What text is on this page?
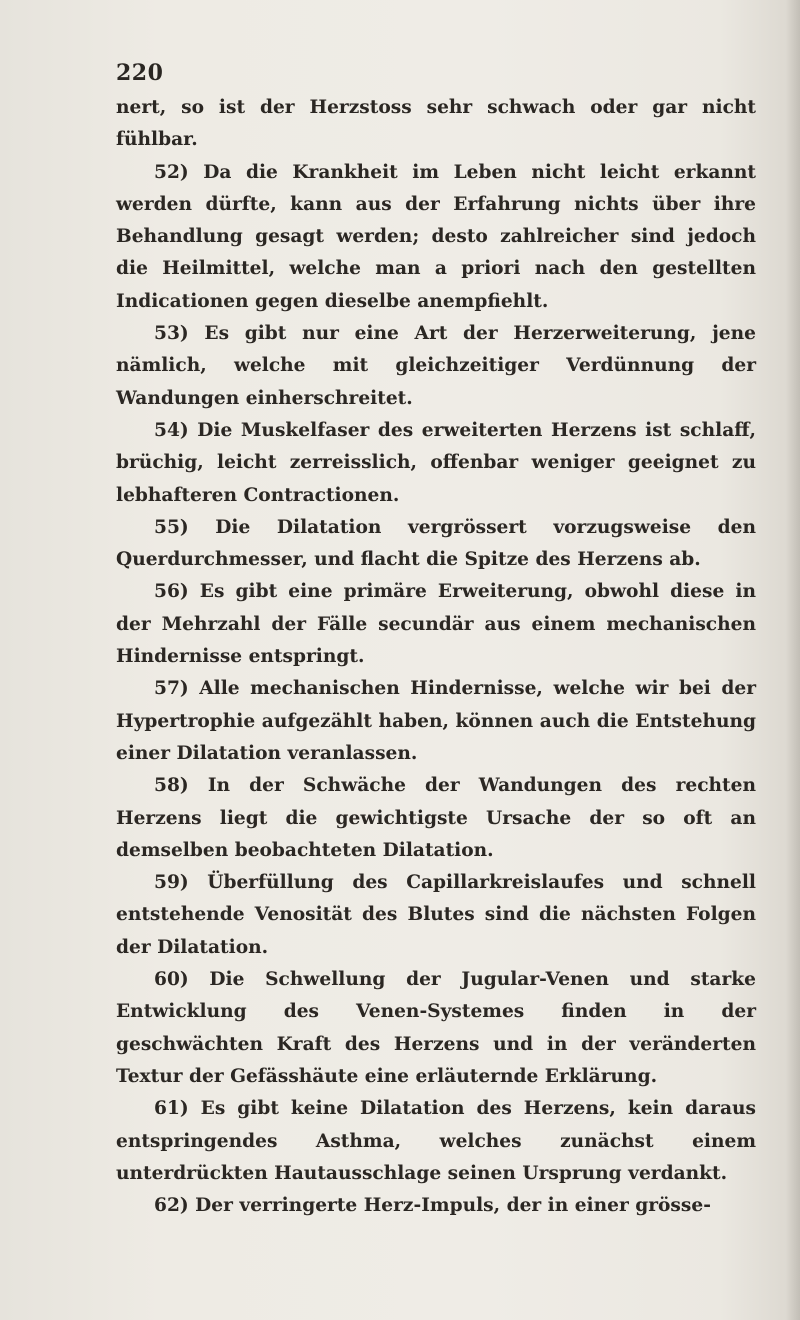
220

nert, so ist der Herzstoss sehr schwach oder gar nicht fühlbar.

52) Da die Krankheit im Leben nicht leicht erkannt werden dürfte, kann aus der Erfahrung nichts über ihre Behandlung gesagt werden; desto zahlreicher sind jedoch die Heilmittel, welche man a priori nach den gestellten Indicationen gegen dieselbe anempfiehlt.

53) Es gibt nur eine Art der Herzerweiterung, jene nämlich, welche mit gleichzeitiger Verdünnung der Wandungen einherschreitet.

54) Die Muskelfaser des erweiterten Herzens ist schlaff, brüchig, leicht zerreisslich, offenbar weniger geeignet zu lebhafteren Contractionen.

55) Die Dilatation vergrössert vorzugsweise den Querdurchmesser, und flacht die Spitze des Herzens ab.

56) Es gibt eine primäre Erweiterung, obwohl diese in der Mehrzahl der Fälle secundär aus einem mechanischen Hindernisse entspringt.

57) Alle mechanischen Hindernisse, welche wir bei der Hypertrophie aufgezählt haben, können auch die Entstehung einer Dilatation veranlassen.

58) In der Schwäche der Wandungen des rechten Herzens liegt die gewichtigste Ursache der so oft an demselben beobachteten Dilatation.

59) Überfüllung des Capillarkreislaufes und schnell entstehende Venosität des Blutes sind die nächsten Folgen der Dilatation.

60) Die Schwellung der Jugular-Venen und starke Entwicklung des Venen-Systemes finden in der geschwächten Kraft des Herzens und in der veränderten Textur der Gefässhäute eine erläuternde Erklärung.

61) Es gibt keine Dilatation des Herzens, kein daraus entspringendes Asthma, welches zunächst einem unterdrückten Hautausschlage seinen Ursprung verdankt.

62) Der verringerte Herz-Impuls, der in einer grösse-
